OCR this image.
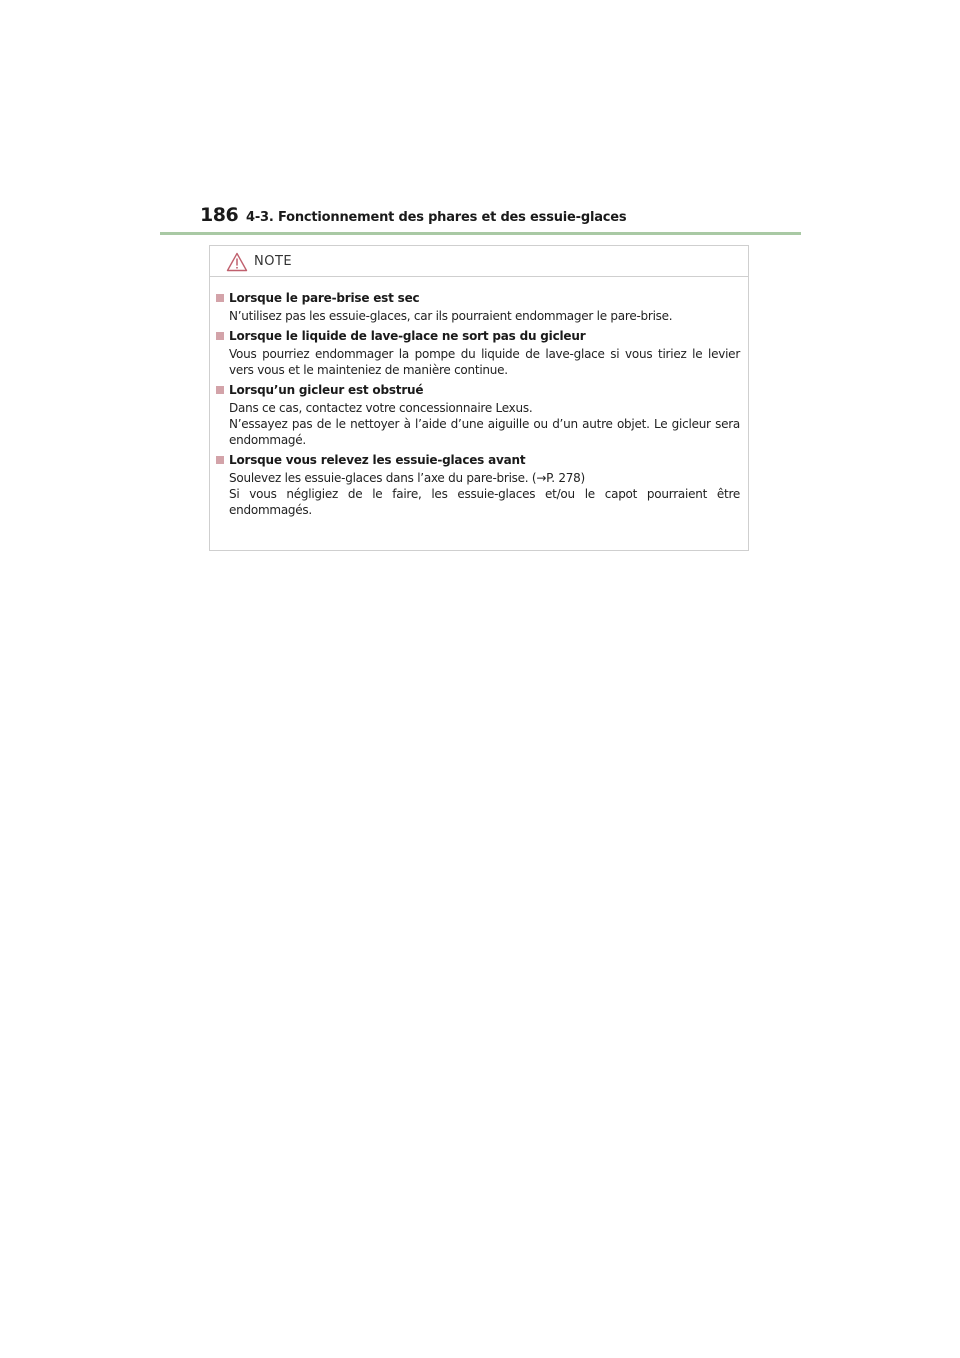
186 4-3. Fonctionnement des phares et des essuie-glaces
NOTE
Lorsque le pare-brise est sec
N’utilisez pas les essuie-glaces, car ils pourraient endommager le pare-brise.
Lorsque le liquide de lave-glace ne sort pas du gicleur
Vous pourriez endommager la pompe du liquide de lave-glace si vous tiriez le levier vers vous et le mainteniez de manière continue.
Lorsqu’un gicleur est obstrué
Dans ce cas, contactez votre concessionnaire Lexus.
N’essayez pas de le nettoyer à l’aide d’une aiguille ou d’un autre objet. Le gicleur sera endommagé.
Lorsque vous relevez les essuie-glaces avant
Soulevez les essuie-glaces dans l’axe du pare-brise. (→P. 278)
Si vous négligiez de le faire, les essuie-glaces et/ou le capot pourraient être endommagés.
